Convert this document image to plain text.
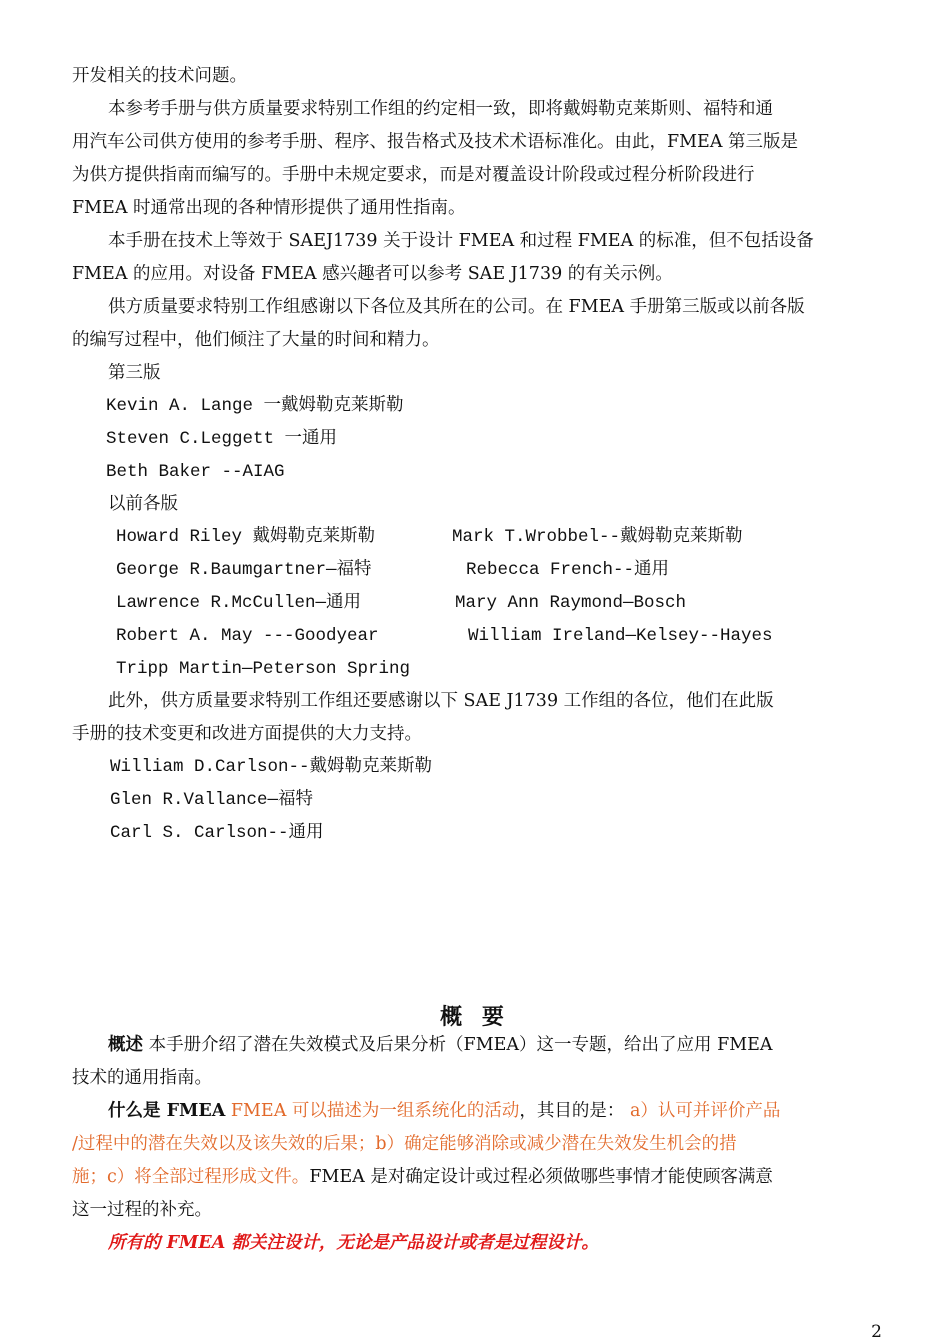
开发相关的技术问题。
本参考手册与供方质量要求特别工作组的约定相一致，即将戴姆勒克莱斯则、福特和通
用汽车公司供方使用的参考手册、程序、报告格式及技术术语标准化。由此，FMEA 第三版是
为供方提供指南而编写的。手册中未规定要求，而是对覆盖设计阶段或过程分析阶段进行
FMEA 时通常出现的各种情形提供了通用性指南。
本手册在技术上等效于 SAEJ1739 关于设计 FMEA 和过程 FMEA 的标准，但不包括设备
FMEA 的应用。对设备 FMEA 感兴趣者可以参考 SAE J1739 的有关示例。
供方质量要求特别工作组感谢以下各位及其所在的公司。在 FMEA 手册第三版或以前各版
的编写过程中，他们倾注了大量的时间和精力。
第三版
Kevin A. Lange 一戴姆勒克莱斯勒
Steven C.Leggett 一通用
Beth Baker --AIAG
以前各版
Howard Riley 戴姆勒克莱斯勒	Mark T.Wrobbel--戴姆勒克莱斯勒
George R.Baumgartner—福特	Rebecca French--通用
Lawrence R.McCullen—通用	Mary Ann Raymond—Bosch
Robert A. May ---Goodyear	William Ireland—Kelsey--Hayes
Tripp Martin—Peterson Spring
此外，供方质量要求特别工作组还要感谢以下 SAE J1739 工作组的各位，他们在此版
手册的技术变更和改进方面提供的大力支持。
William D.Carlson--戴姆勒克莱斯勒
Glen R.Vallance—福特
Carl S. Carlson--通用
概 要
概述 本手册介绍了潜在失效模式及后果分析（FMEA）这一专题，给出了应用 FMEA
技术的通用指南。
什么是 FMEA FMEA 可以描述为一组系统化的活动，其目的是： a）认可并评价产品
/过程中的潜在失效以及该失效的后果；b）确定能够消除或减少潜在失效发生机会的措
施；c）将全部过程形成文件。FMEA 是对确定设计或过程必须做哪些事情才能使顾客满意
这一过程的补充。
所有的 FMEA 都关注设计，无论是产品设计或者是过程设计。
2
